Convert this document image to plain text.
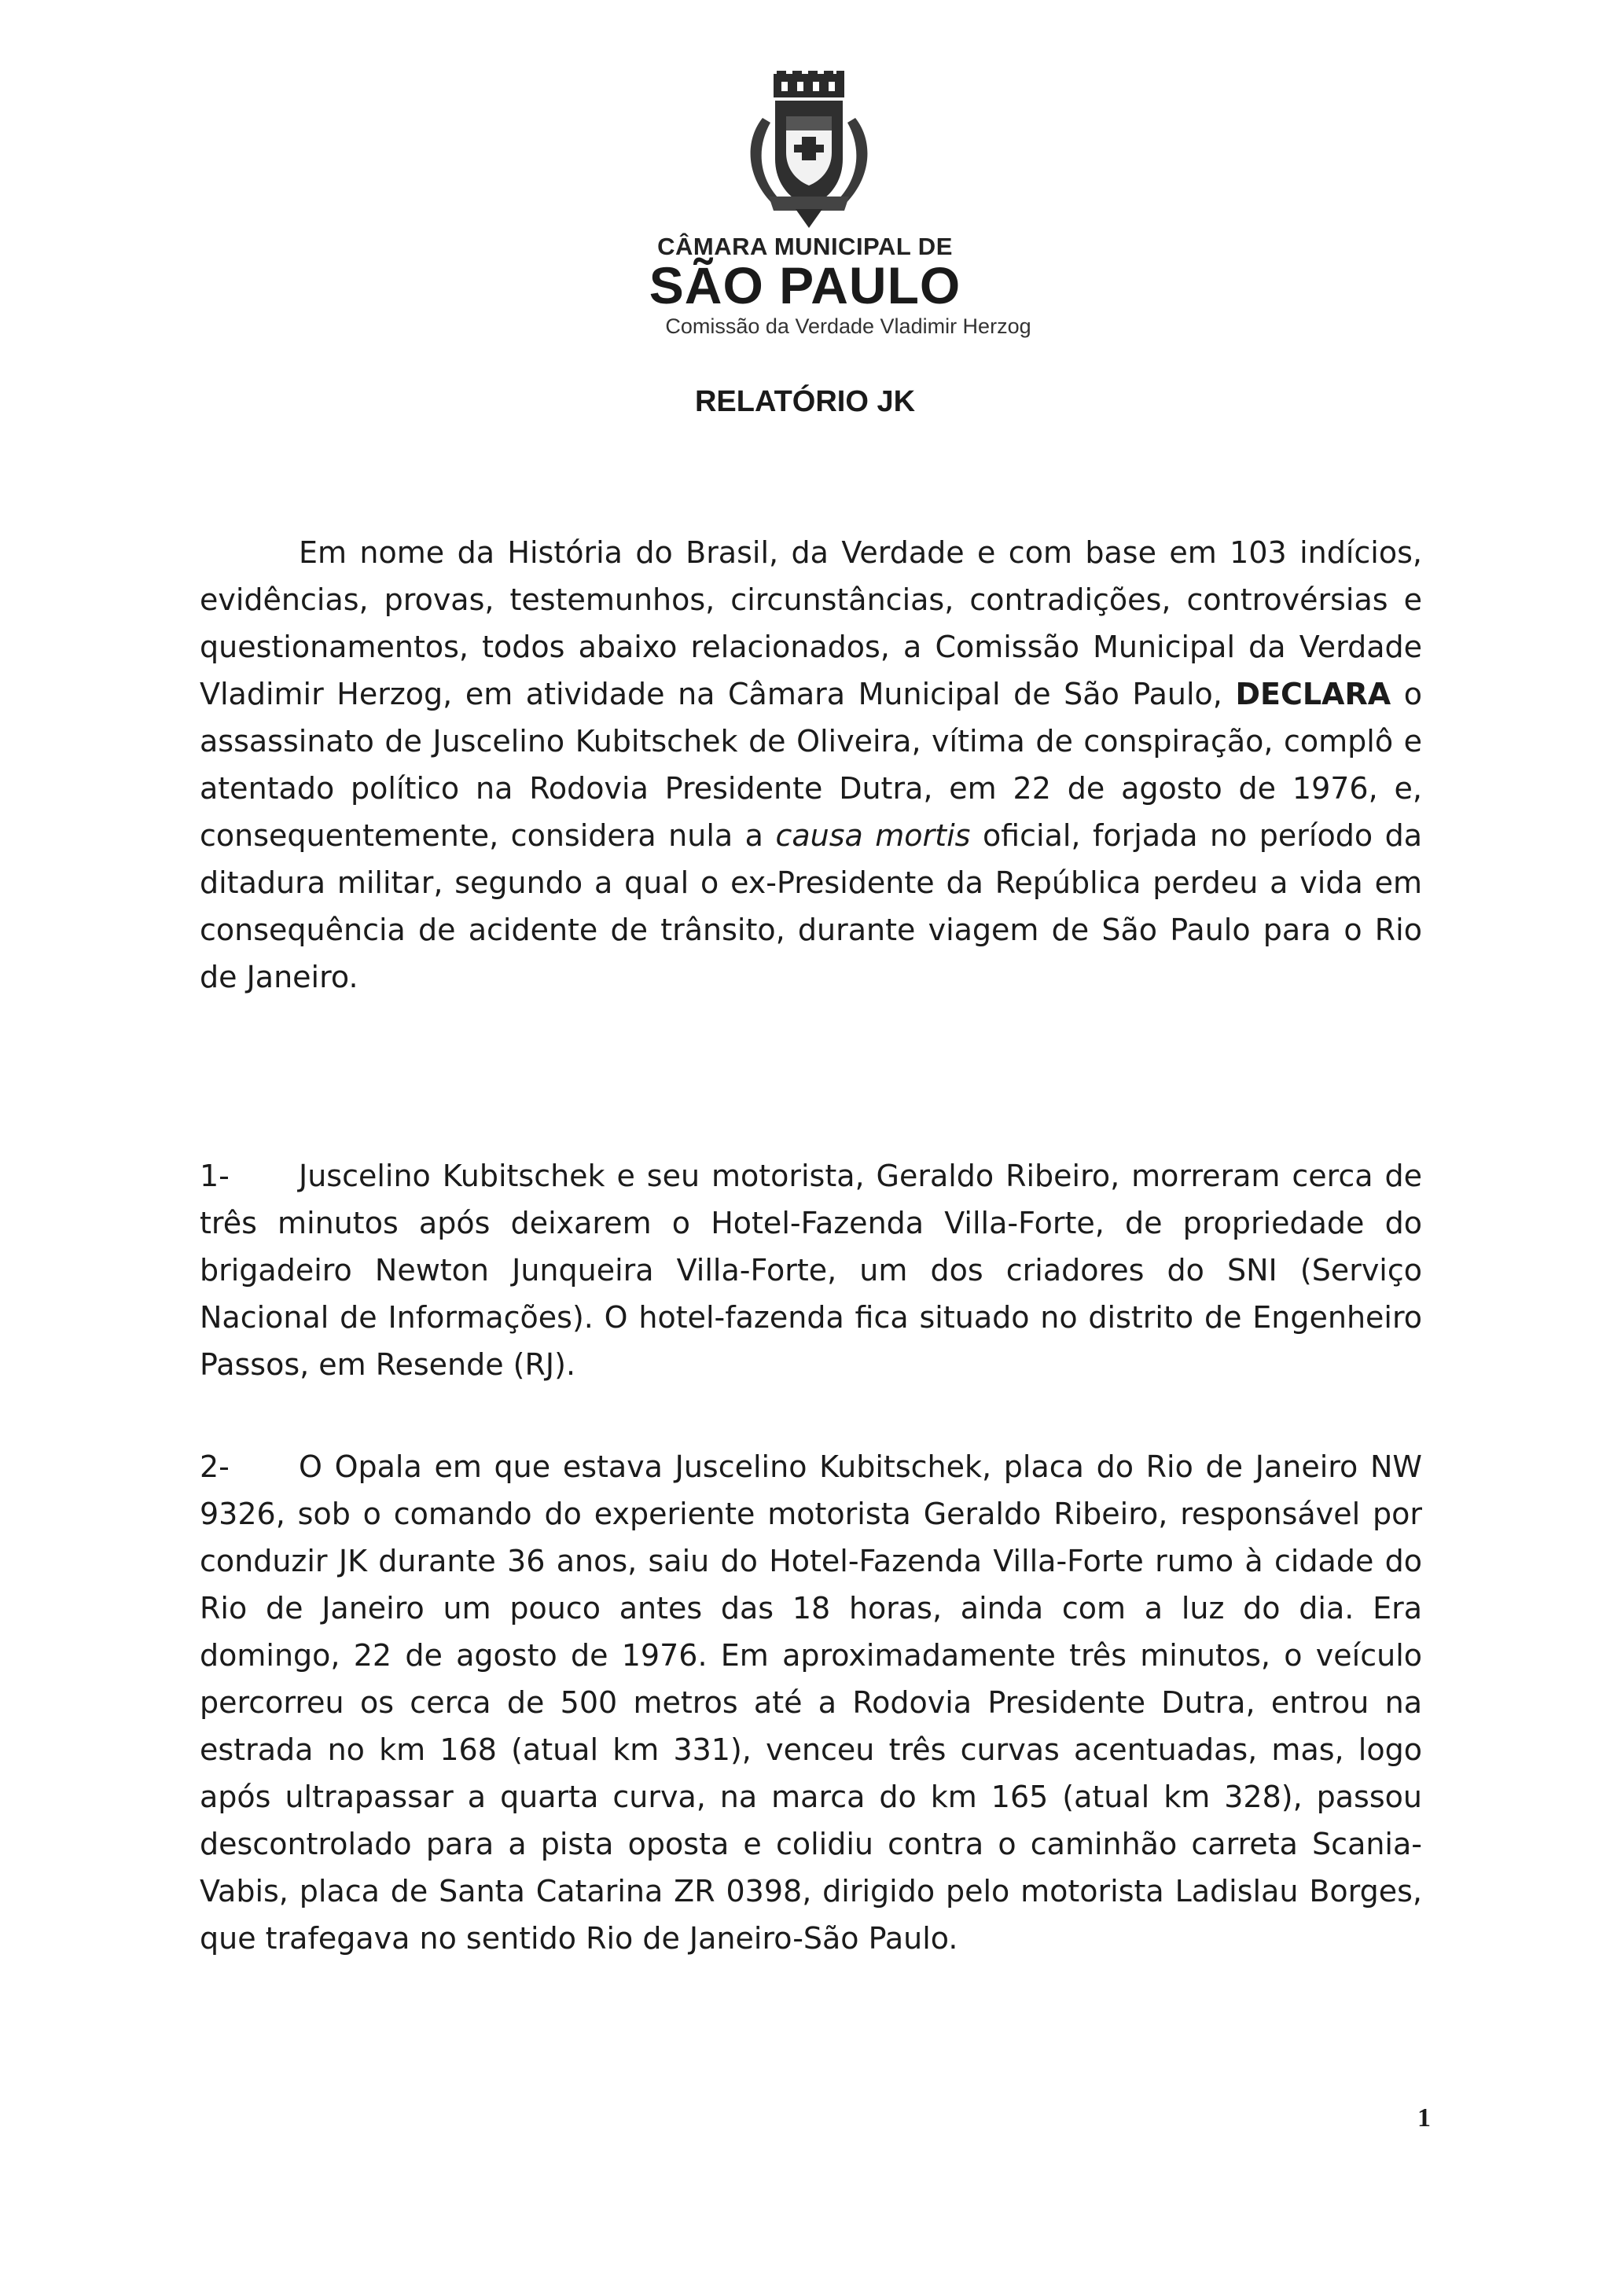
CÂMARA MUNICIPAL DE
SÃO PAULO
Comissão da Verdade Vladimir Herzog
RELATÓRIO JK

Em nome da História do Brasil, da Verdade e com base em 103 indícios, evidências, provas, testemunhos, circunstâncias, contradições, controvérsias e questionamentos, todos abaixo relacionados, a Comissão Municipal da Verdade Vladimir Herzog, em atividade na Câmara Municipal de São Paulo, DECLARA o assassinato de Juscelino Kubitschek de Oliveira, vítima de conspiração, complô e atentado político na Rodovia Presidente Dutra, em 22 de agosto de 1976, e, consequentemente, considera nula a causa mortis oficial, forjada no período da ditadura militar, segundo a qual o ex-Presidente da República perdeu a vida em consequência de acidente de trânsito, durante viagem de São Paulo para o Rio de Janeiro.

1- Juscelino Kubitschek e seu motorista, Geraldo Ribeiro, morreram cerca de três minutos após deixarem o Hotel-Fazenda Villa-Forte, de propriedade do brigadeiro Newton Junqueira Villa-Forte, um dos criadores do SNI (Serviço Nacional de Informações). O hotel-fazenda fica situado no distrito de Engenheiro Passos, em Resende (RJ).

2- O Opala em que estava Juscelino Kubitschek, placa do Rio de Janeiro NW 9326, sob o comando do experiente motorista Geraldo Ribeiro, responsável por conduzir JK durante 36 anos, saiu do Hotel-Fazenda Villa-Forte rumo à cidade do Rio de Janeiro um pouco antes das 18 horas, ainda com a luz do dia. Era domingo, 22 de agosto de 1976. Em aproximadamente três minutos, o veículo percorreu os cerca de 500 metros até a Rodovia Presidente Dutra, entrou na estrada no km 168 (atual km 331), venceu três curvas acentuadas, mas, logo após ultrapassar a quarta curva, na marca do km 165 (atual km 328), passou descontrolado para a pista oposta e colidiu contra o caminhão carreta Scania-Vabis, placa de Santa Catarina ZR 0398, dirigido pelo motorista Ladislau Borges, que trafegava no sentido Rio de Janeiro-São Paulo.

1
